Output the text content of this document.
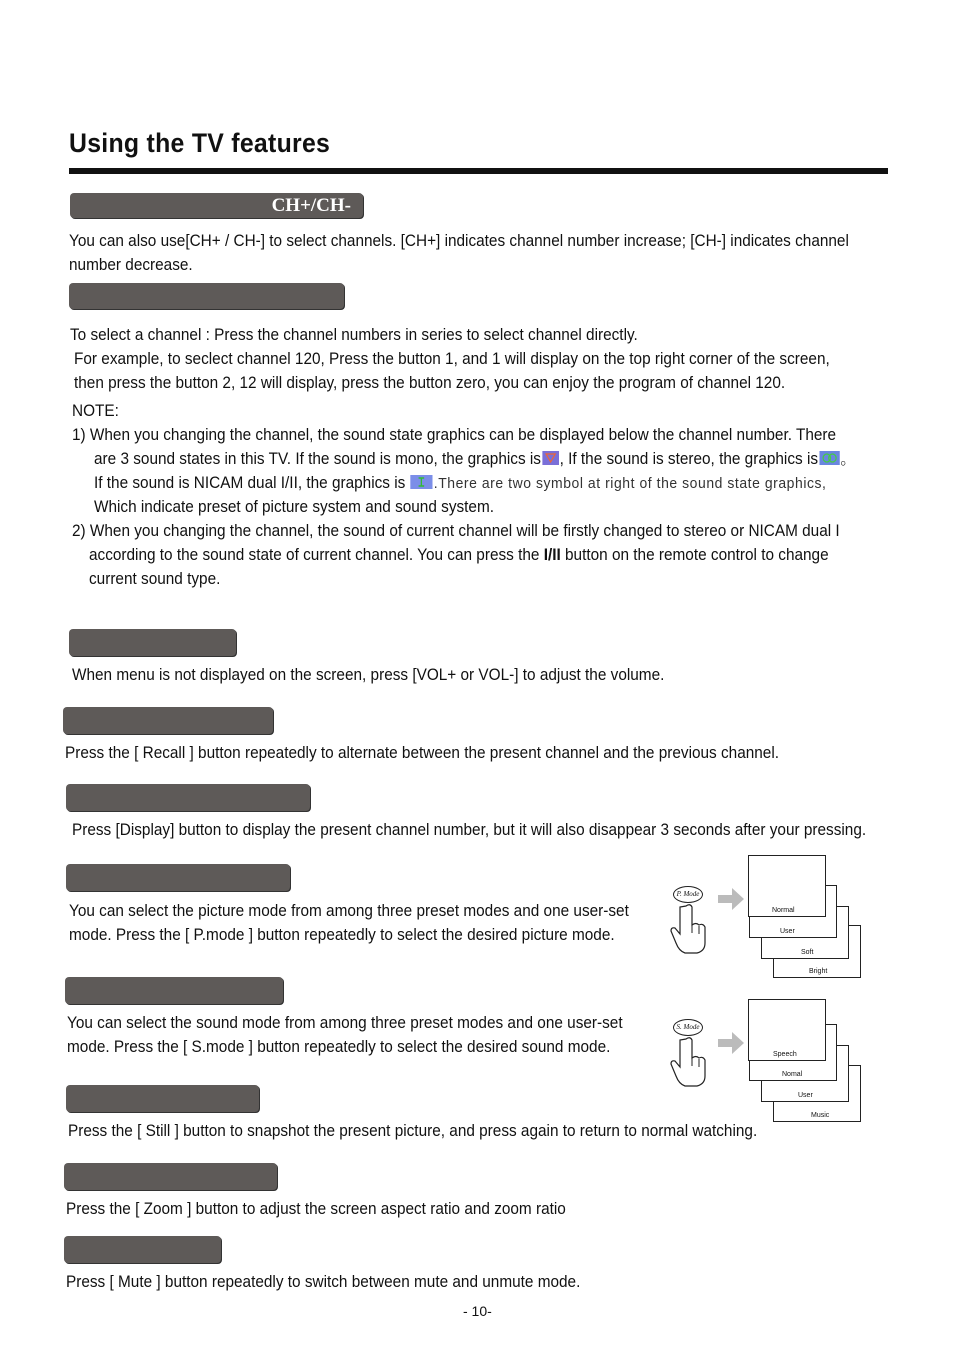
Using the TV features
CH+/CH-
You can also use[CH+ / CH-] to select channels. [CH+] indicates channel number increase; [CH-] indicates channel
number decrease.
To select a channel : Press the channel numbers in series to select channel directly.
For example, to seclect channel 120, Press the button 1, and 1 will display on the top right corner of the screen,
then press the button 2, 12 will display, press the button zero, you can enjoy the program of channel 120.
NOTE:
1) When you changing the channel, the sound state graphics can be displayed below the channel number. There
are 3 sound states in this TV. If the sound is mono, the graphics is , If the sound is stereo, the graphics is 。
If the sound is NICAM dual I/II, the graphics is .There are two symbol at right of the sound state graphics,
Which indicate preset of picture system and sound system.
2) When you changing the channel, the sound of current channel will be firstly changed to stereo or NICAM dual I
according to the sound state of current channel. You can press the I/II button on the remote control to change
current sound type.
When menu is not displayed on the screen, press [VOL+ or VOL-] to adjust the volume.
Press the [ Recall ] button repeatedly to alternate between the present channel and the previous channel.
Press [Display] button to display the present channel number, but it will also disappear 3 seconds after your pressing.
You can select the picture mode from among three preset modes and one user-set
mode. Press the [ P.mode ] button repeatedly to select the desired picture mode.
P. Mode
Bright
Soft
User
Normal
You can select the sound mode from among three preset modes and one user-set
mode. Press the [ S.mode ] button repeatedly to select the desired sound mode.
S. Mode
Music
User
Nomal
Speech
Press the [ Still ] button to snapshot the present picture, and press again to return to normal watching.
Press the [ Zoom ] button to adjust the screen aspect ratio and zoom ratio
Press [ Mute ] button repeatedly to switch between mute and unmute mode.
- 10-
